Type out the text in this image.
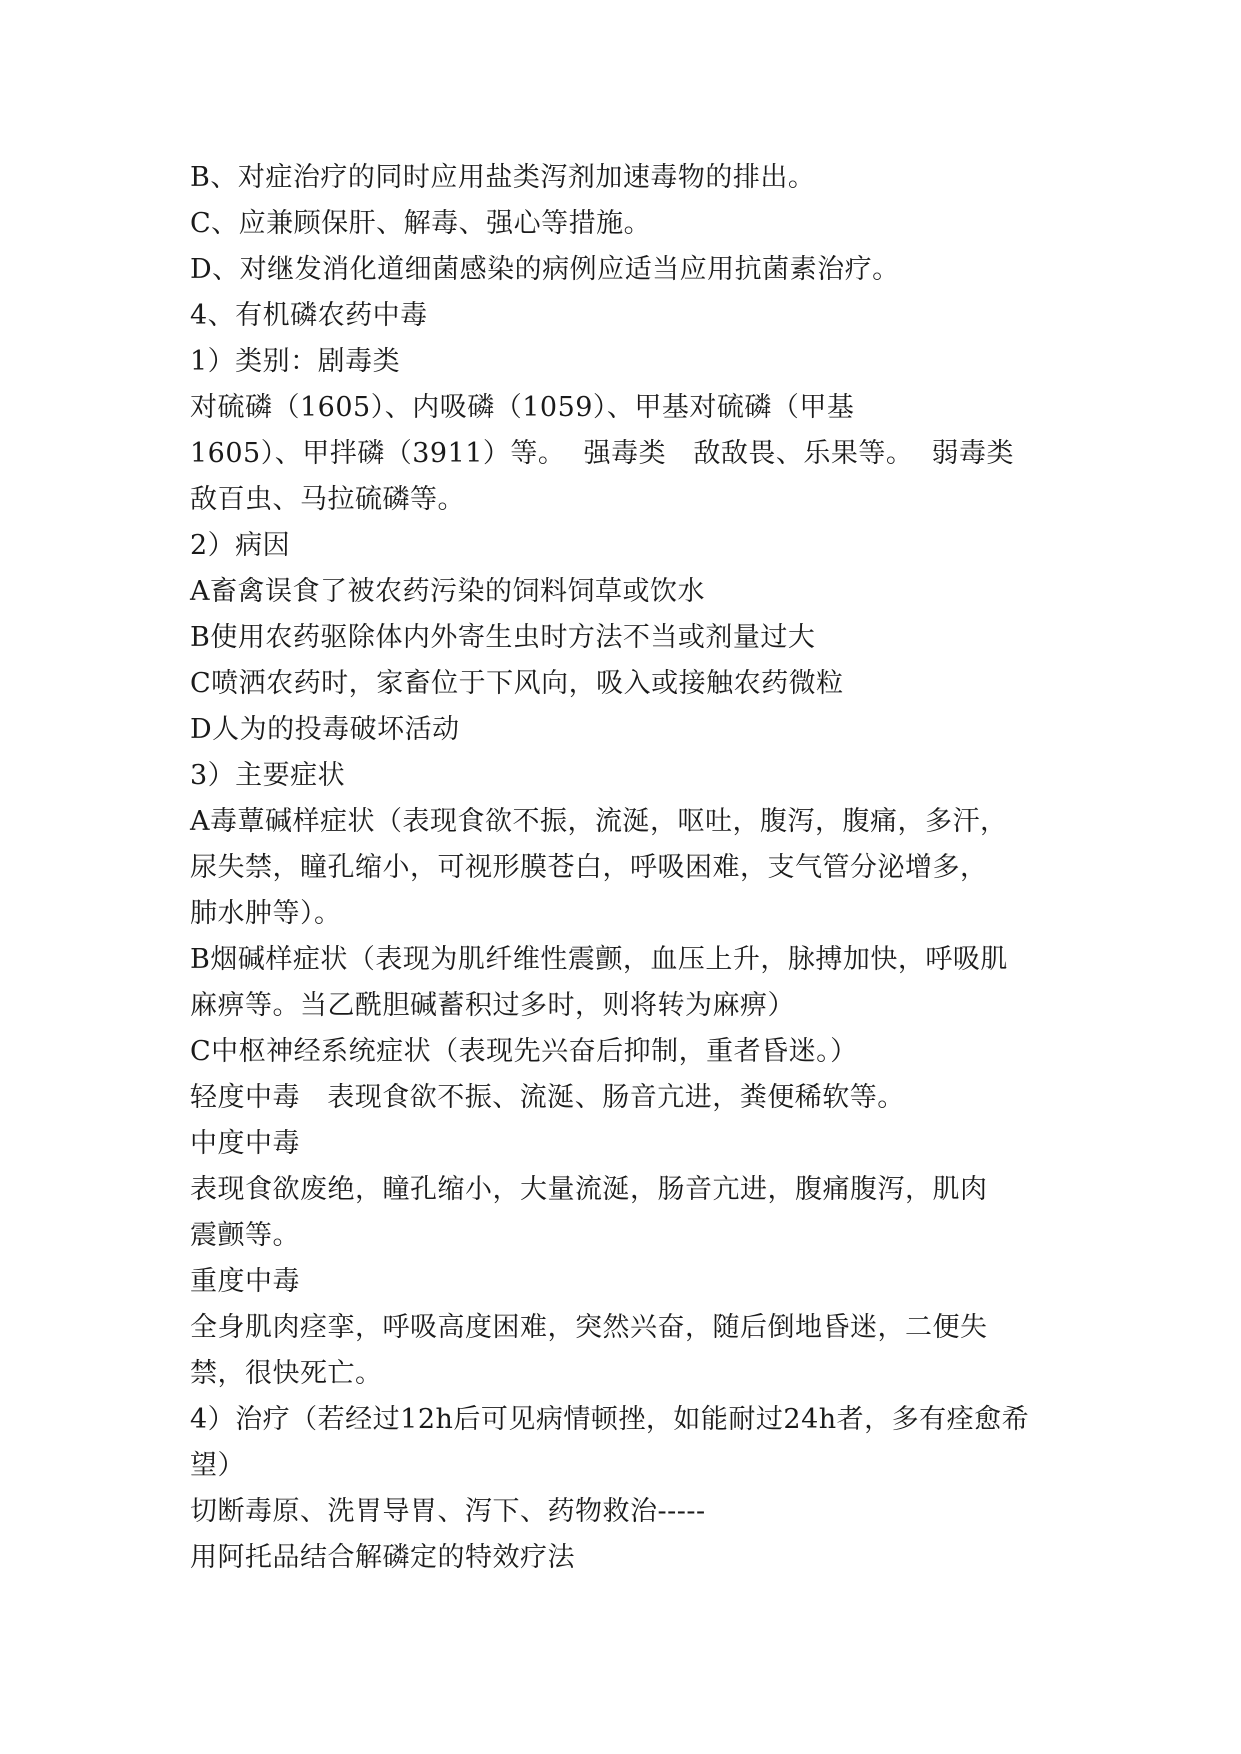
B、对症治疗的同时应用盐类泻剂加速毒物的排出。
C、应兼顾保肝、解毒、强心等措施。
D、对继发消化道细菌感染的病例应适当应用抗菌素治疗。
4、有机磷农药中毒
1）类别：剧毒类
对硫磷（1605）、内吸磷（1059）、甲基对硫磷（甲基
1605）、甲拌磷（3911）等。  强毒类   敌敌畏、乐果等。  弱毒类
敌百虫、马拉硫磷等。
2）病因
A畜禽误食了被农药污染的饲料饲草或饮水
B使用农药驱除体内外寄生虫时方法不当或剂量过大
C喷洒农药时，家畜位于下风向，吸入或接触农药微粒
D人为的投毒破坏活动
3）主要症状
A毒蕈碱样症状（表现食欲不振，流涎，呕吐，腹泻，腹痛，多汗，
尿失禁，瞳孔缩小，可视形膜苍白，呼吸困难，支气管分泌增多，
肺水肿等）。
B烟碱样症状（表现为肌纤维性震颤，血压上升，脉搏加快，呼吸肌
麻痹等。当乙酰胆碱蓄积过多时，则将转为麻痹）
C中枢神经系统症状（表现先兴奋后抑制，重者昏迷。）
轻度中毒   表现食欲不振、流涎、肠音亢进，粪便稀软等。
中度中毒
表现食欲废绝，瞳孔缩小，大量流涎，肠音亢进，腹痛腹泻，肌肉
震颤等。
重度中毒
全身肌肉痉挛，呼吸高度困难，突然兴奋，随后倒地昏迷，二便失
禁，很快死亡。
4）治疗（若经过12h后可见病情顿挫，如能耐过24h者，多有痊愈希
望）
切断毒原、洗胃导胃、泻下、药物救治-----
用阿托品结合解磷定的特效疗法
